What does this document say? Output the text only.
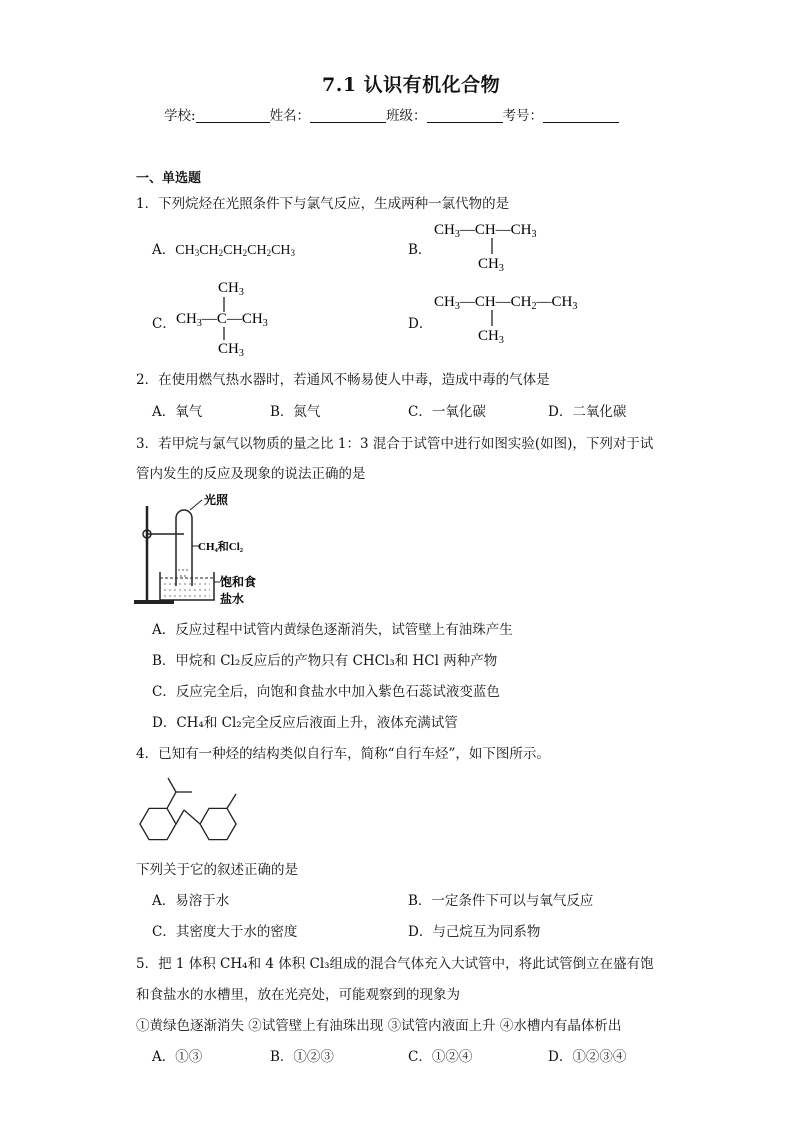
7.1 认识有机化合物
学校:	姓名：	班级：	考号：
一、单选题
1．下列烷烃在光照条件下与氯气反应，生成两种一氯代物的是
A．$CH_3CH_2CH_2CH_2CH_3$	B．
$CH_3—CH—CH_3$
$CH_3$
C．
$CH_3$
$CH_3—C—CH_3$
$CH_3$
D．
$CH_3—CH—CH_2—CH_3$
$CH_3$
2．在使用燃气热水器时，若通风不畅易使人中毒，造成中毒的气体是
A．氧气	B．氮气	C．一氧化碳	D．二氧化碳
3．若甲烷与氯气以物质的量之比 1：3 混合于试管中进行如图实验(如图)，下列对于试
管内发生的反应及现象的说法正确的是
光照
CH₄和Cl₂
饱和食
盐水
A．反应过程中试管内黄绿色逐渐消失，试管壁上有油珠产生
B．甲烷和 Cl₂反应后的产物只有 CHCl₃和 HCl 两种产物
C．反应完全后，向饱和食盐水中加入紫色石蕊试液变蓝色
D．CH₄和 Cl₂完全反应后液面上升，液体充满试管
4．已知有一种烃的结构类似自行车，简称“自行车烃”，如下图所示。
下列关于它的叙述正确的是
A．易溶于水	B．一定条件下可以与氧气反应
C．其密度大于水的密度	D．与己烷互为同系物
5．把 1 体积 CH₄和 4 体积 Cl₃组成的混合气体充入大试管中，将此试管倒立在盛有饱
和食盐水的水槽里，放在光亮处，可能观察到的现象为
①黄绿色逐渐消失 ②试管壁上有油珠出现 ③试管内液面上升 ④水槽内有晶体析出
A．①③	B．①②③	C．①②④	D．①②③④
